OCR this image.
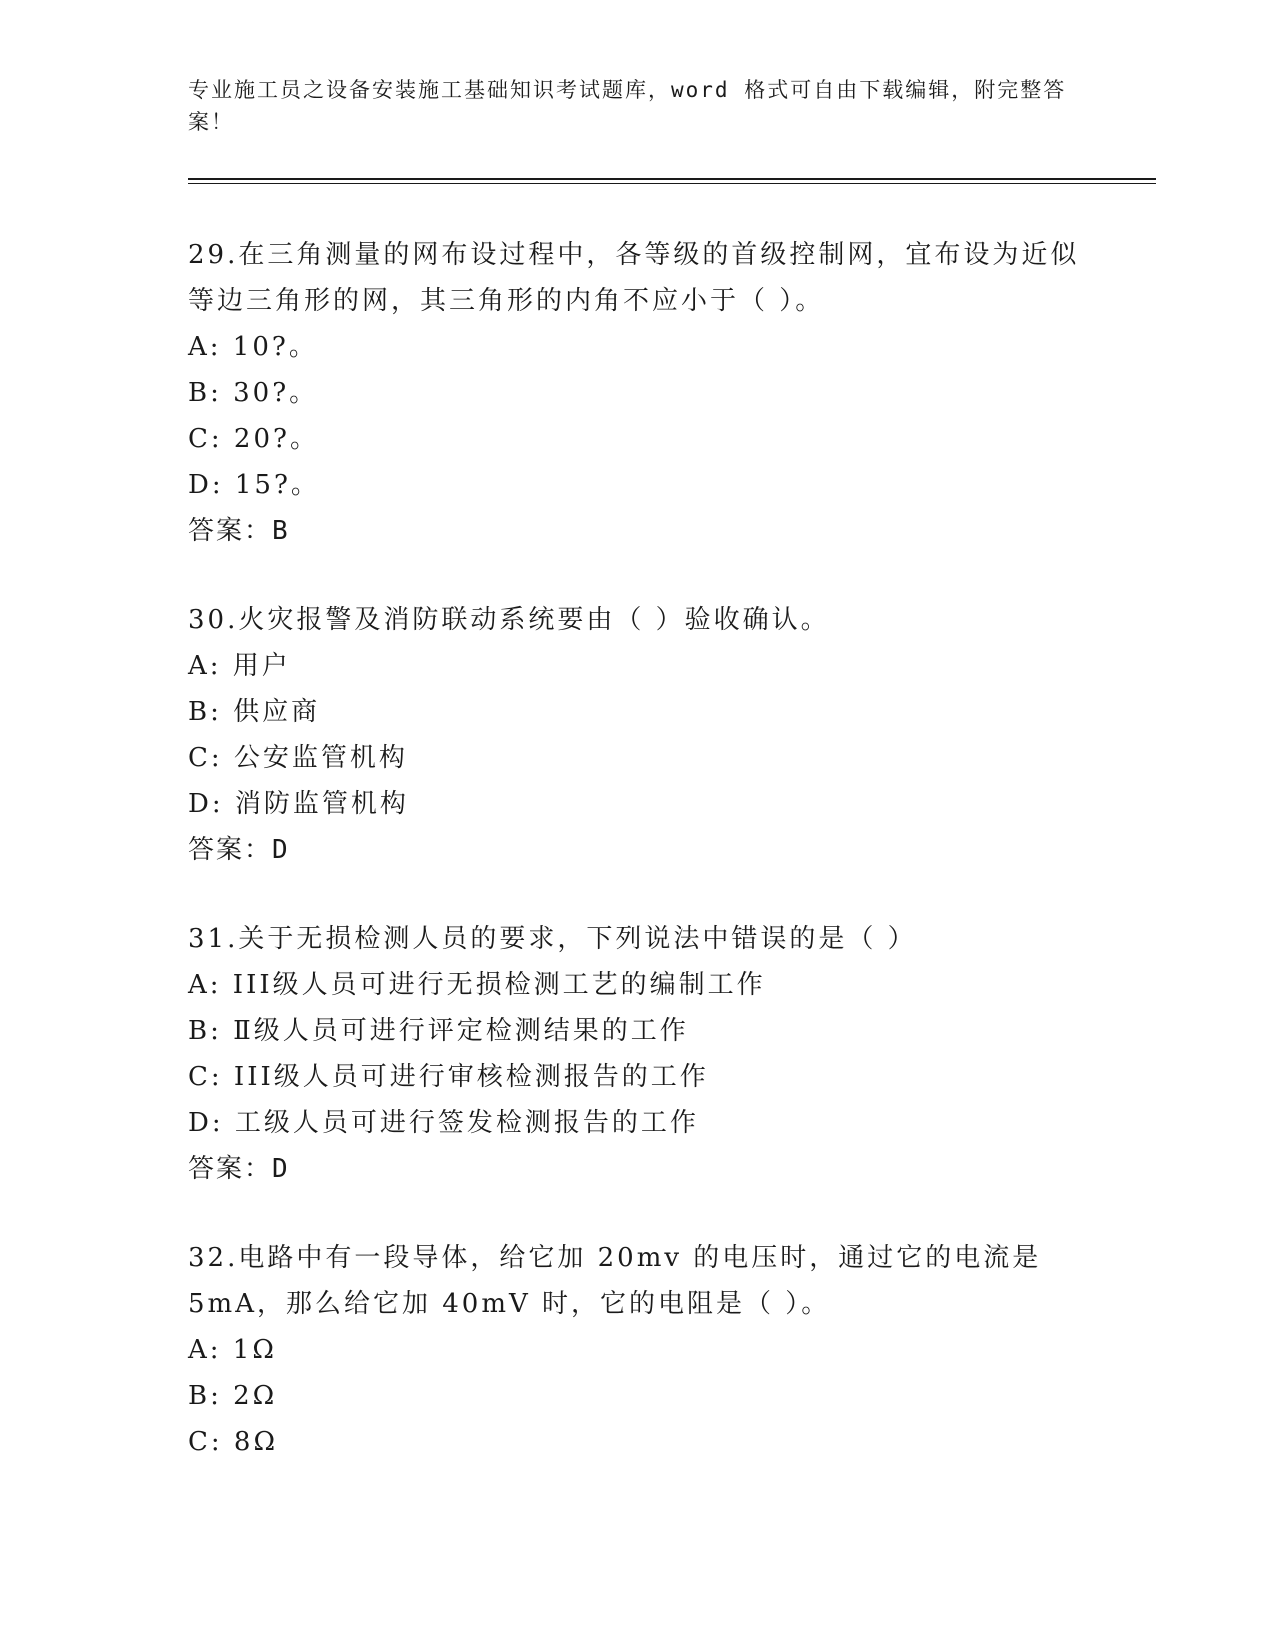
专业施工员之设备安装施工基础知识考试题库，word 格式可自由下载编辑，附完整答案！
29.在三角测量的网布设过程中，各等级的首级控制网，宜布设为近似等边三角形的网，其三角形的内角不应小于（ ）。
A: 10?。
B: 30?。
C: 20?。
D: 15?。
答案：B
30.火灾报警及消防联动系统要由（ ）验收确认。
A: 用户
B: 供应商
C: 公安监管机构
D: 消防监管机构
答案：D
31.关于无损检测人员的要求，下列说法中错误的是（ ）
A: III级人员可进行无损检测工艺的编制工作
B: Ⅱ级人员可进行评定检测结果的工作
C: III级人员可进行审核检测报告的工作
D: 工级人员可进行签发检测报告的工作
答案：D
32.电路中有一段导体，给它加 20mv 的电压时，通过它的电流是 5mA，那么给它加 40mV 时，它的电阻是（ ）。
A: 1Ω
B: 2Ω
C: 8Ω
